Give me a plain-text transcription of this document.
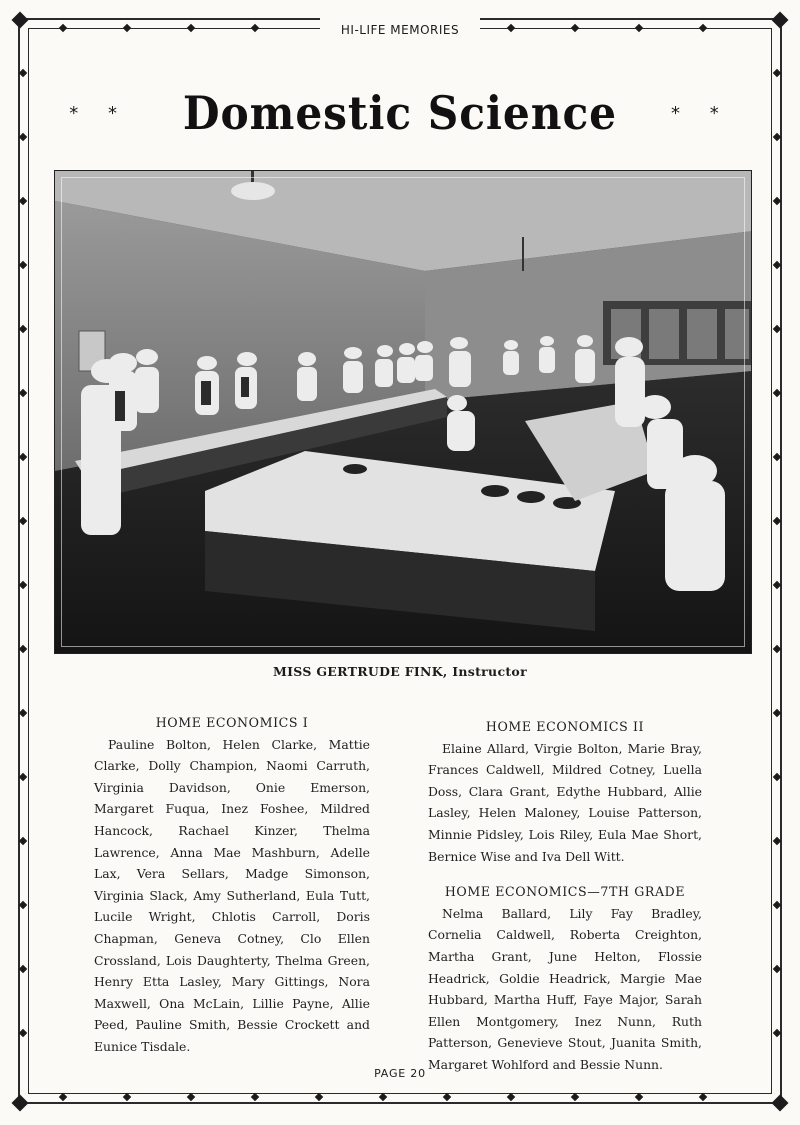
HI-LIFE MEMORIES
* * Domestic Science	* *
MISS GERTRUDE FINK, Instructor
HOME ECONOMICS I
Pauline Bolton, Helen Clarke, Mattie Clarke, Dolly Champion, Naomi Carruth, Virginia Davidson, Onie Emerson, Margaret Fuqua, Inez Foshee, Mildred Hancock, Rachael Kinzer, Thelma Lawrence, Anna Mae Mashburn, Adelle Lax, Vera Sellars, Madge Simonson, Virginia Slack, Amy Sutherland, Eula Tutt, Lucile Wright, Chlotis Carroll, Doris Chapman, Geneva Cotney, Clo Ellen Crossland, Lois Daughterty, Thelma Green, Henry Etta Lasley, Mary Gittings, Nora Maxwell, Ona McLain, Lillie Payne, Allie Peed, Pauline Smith, Bessie Crockett and Eunice Tisdale.
HOME ECONOMICS II
Elaine Allard, Virgie Bolton, Marie Bray, Frances Caldwell, Mildred Cotney, Luella Doss, Clara Grant, Edythe Hubbard, Allie Lasley, Helen Maloney, Louise Patterson, Minnie Pidsley, Lois Riley, Eula Mae Short, Bernice Wise and Iva Dell Witt.
HOME ECONOMICS—7TH GRADE
Nelma Ballard, Lily Fay Bradley, Cornelia Caldwell, Roberta Creighton, Martha Grant, June Helton, Flossie Headrick, Goldie Headrick, Margie Mae Hubbard, Martha Huff, Faye Major, Sarah Ellen Montgomery, Inez Nunn, Ruth Patterson, Genevieve Stout, Juanita Smith, Margaret Wohlford and Bessie Nunn.
PAGE 20
